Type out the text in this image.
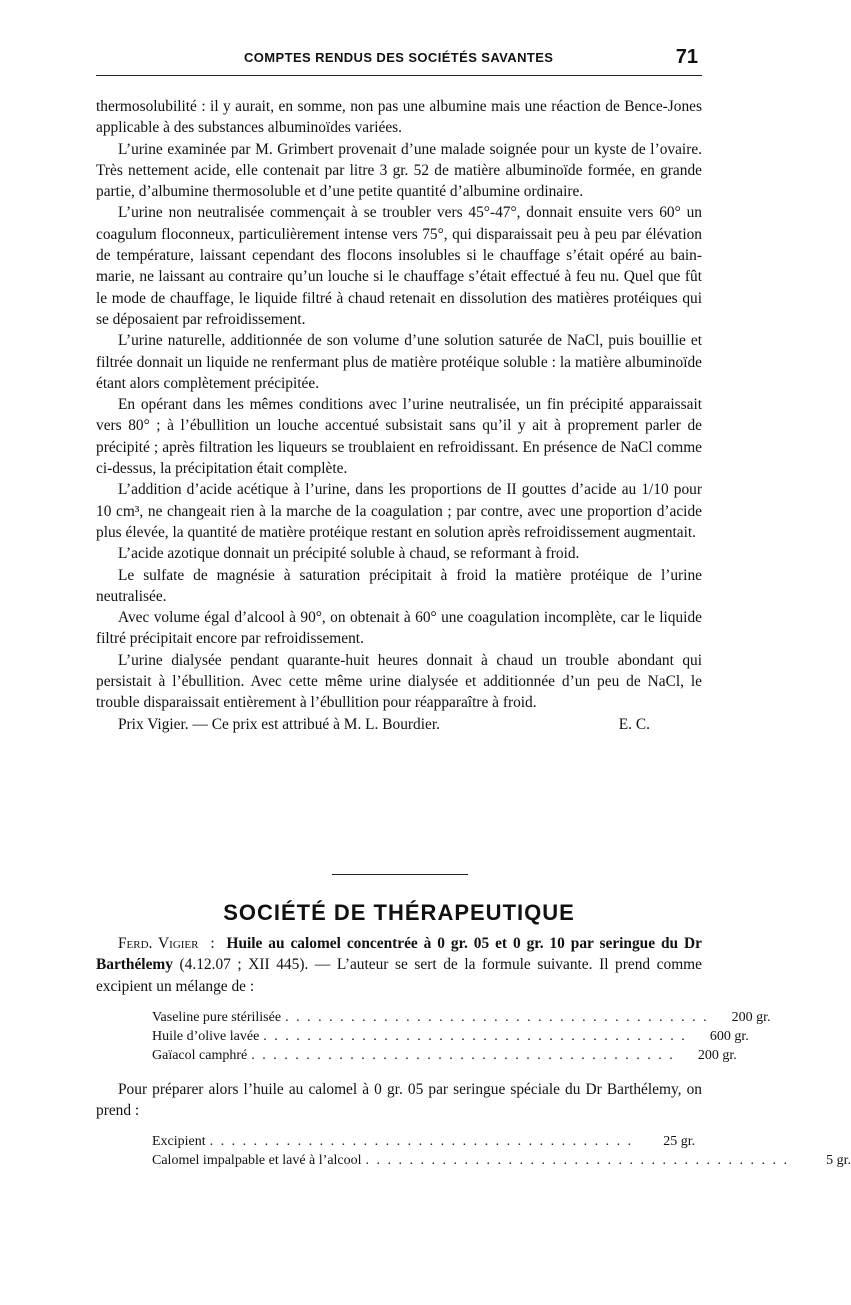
COMPTES RENDUS DES SOCIÉTÉS SAVANTES	71

thermosolubilité : il y aurait, en somme, non pas une albumine mais une réaction de Bence-Jones applicable à des substances albuminoïdes variées.

L’urine examinée par M. Grimbert provenait d’une malade soignée pour un kyste de l’ovaire. Très nettement acide, elle contenait par litre 3 gr. 52 de matière albuminoïde formée, en grande partie, d’albumine thermosoluble et d’une petite quantité d’albumine ordinaire.

L’urine non neutralisée commençait à se troubler vers 45°-47°, donnait ensuite vers 60° un coagulum floconneux, particulièrement intense vers 75°, qui disparaissait peu à peu par élévation de température, laissant cependant des flocons insolubles si le chauffage s’était opéré au bain-marie, ne laissant au contraire qu’un louche si le chauffage s’était effectué à feu nu. Quel que fût le mode de chauffage, le liquide filtré à chaud retenait en dissolution des matières protéiques qui se déposaient par refroidissement.

L’urine naturelle, additionnée de son volume d’une solution saturée de NaCl, puis bouillie et filtrée donnait un liquide ne renfermant plus de matière protéique soluble : la matière albuminoïde étant alors complètement précipitée.

En opérant dans les mêmes conditions avec l’urine neutralisée, un fin précipité apparaissait vers 80° ; à l’ébullition un louche accentué subsistait sans qu’il y ait à proprement parler de précipité ; après filtration les liqueurs se troublaient en refroidissant. En présence de NaCl comme ci-dessus, la précipitation était complète.

L’addition d’acide acétique à l’urine, dans les proportions de II gouttes d’acide au 1/10 pour 10 cm³, ne changeait rien à la marche de la coagulation ; par contre, avec une proportion d’acide plus élevée, la quantité de matière protéique restant en solution après refroidissement augmentait.

L’acide azotique donnait un précipité soluble à chaud, se reformant à froid.

Le sulfate de magnésie à saturation précipitait à froid la matière protéique de l’urine neutralisée.

Avec volume égal d’alcool à 90°, on obtenait à 60° une coagulation incomplète, car le liquide filtré précipitait encore par refroidissement.

L’urine dialysée pendant quarante-huit heures donnait à chaud un trouble abondant qui persistait à l’ébullition. Avec cette même urine dialysée et additionnée d’un peu de NaCl, le trouble disparaissait entièrement à l’ébullition pour réapparaître à froid.

Prix Vigier. — Ce prix est attribué à M. L. Bourdier.	E. C.
SOCIÉTÉ DE THÉRAPEUTIQUE

Ferd. Vigier  :  Huile au calomel concentrée à 0 gr. 05 et 0 gr. 10 par seringue du Dr Barthélemy (4.12.07 ; XII 445). — L’auteur se sert de la formule suivante. Il prend comme excipient un mélange de :

Vaseline pure stérilisée . . . . . . . . . . . . . . . . . . . . . . . . . . . . . . . . . . . . . . .	200 gr.
Huile d’olive lavée . . . . . . . . . . . . . . . . . . . . . . . . . . . . . . . . . . . . . . .	600 gr.
Gaïacol camphré . . . . . . . . . . . . . . . . . . . . . . . . . . . . . . . . . . . . . . .	200 gr.

Pour préparer alors l’huile au calomel à 0 gr. 05 par seringue spéciale du Dr Barthélemy, on prend :

Excipient . . . . . . . . . . . . . . . . . . . . . . . . . . . . . . . . . . . . . . .	25 gr.
Calomel impalpable et lavé à l’alcool . . . . . . . . . . . . . . . . . . . . . . . . . . . . . . . . . . . . . . .	5 gr.
